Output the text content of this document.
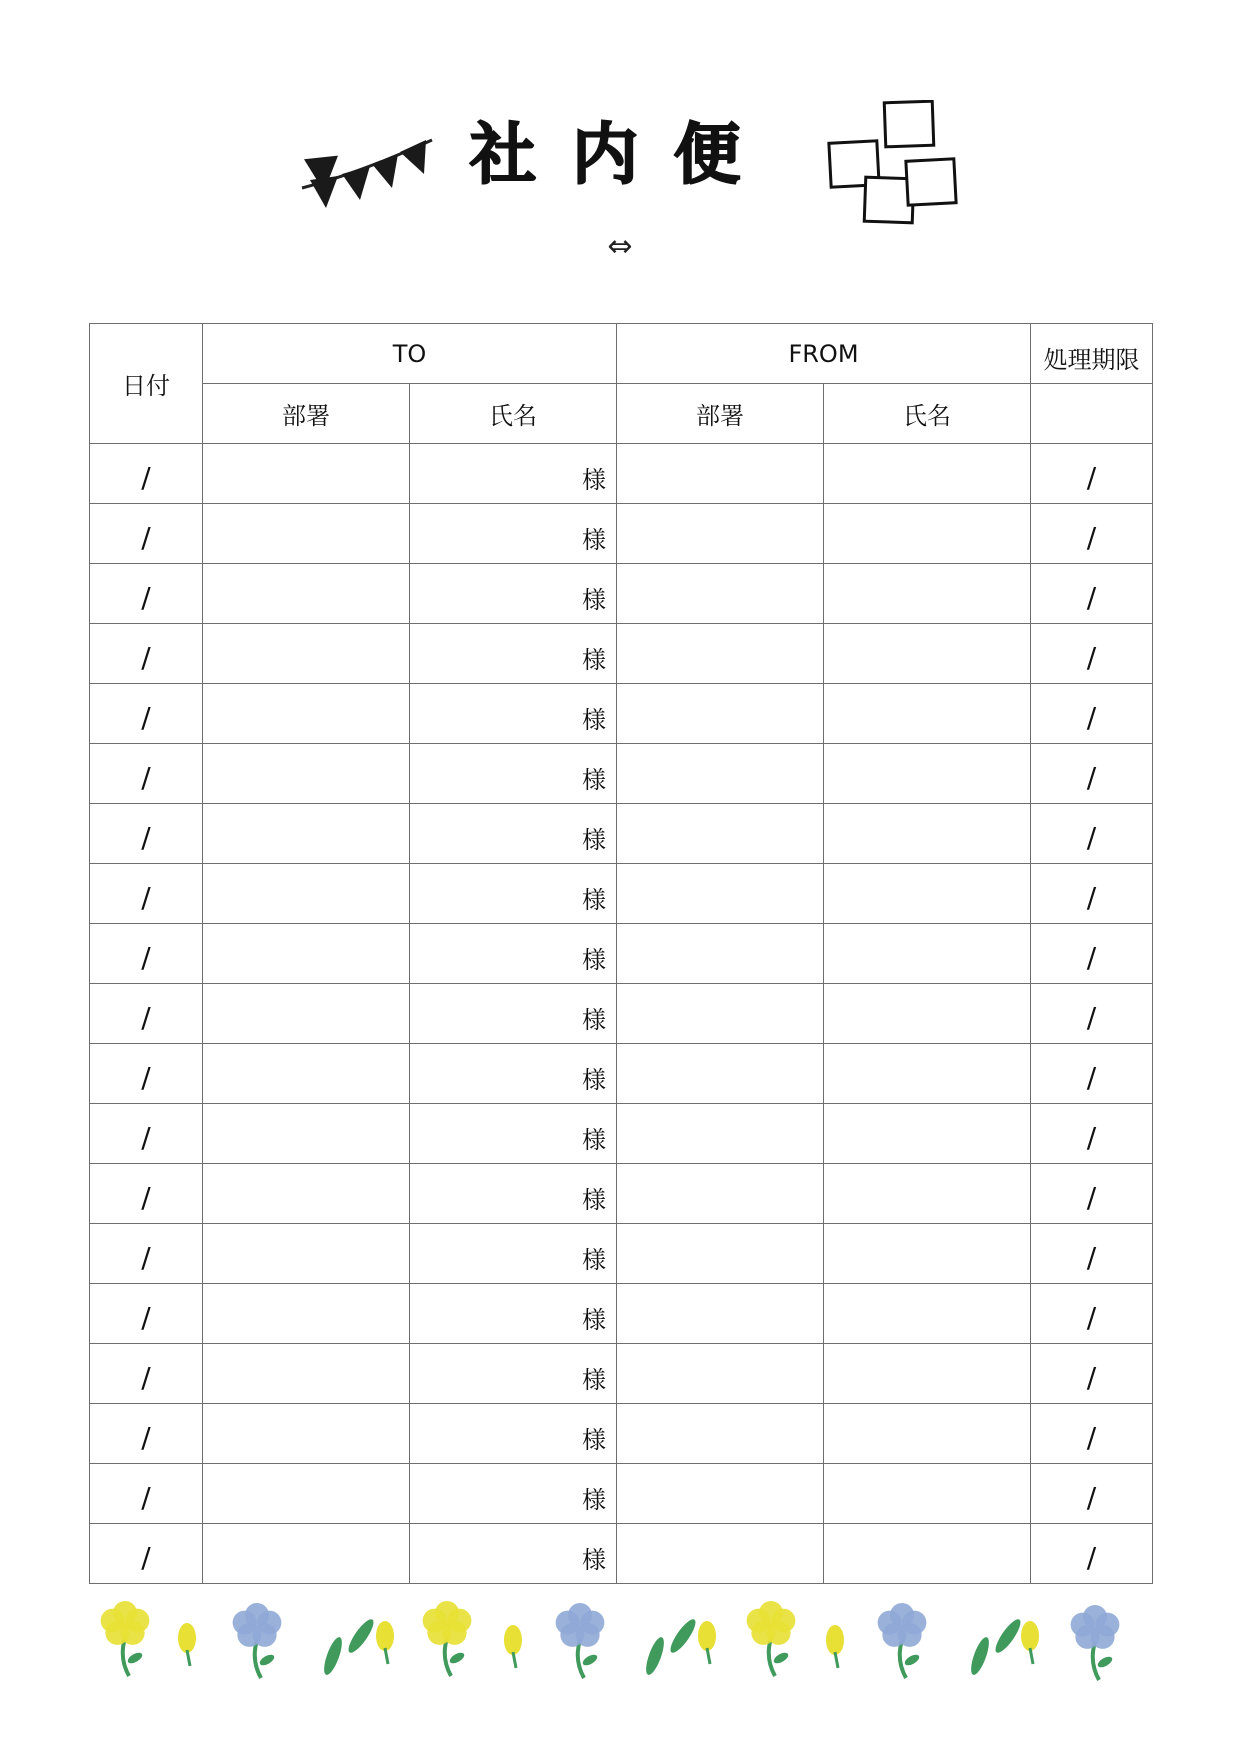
社内便
⇔
日付	TO		FROM		処理期限
	部署	氏名	部署	氏名	
/		様			/
/		様			/
/		様			/
/		様			/
/		様			/
/		様			/
/		様			/
/		様			/
/		様			/
/		様			/
/		様			/
/		様			/
/		様			/
/		様			/
/		様			/
/		様			/
/		様			/
/		様			/
/		様			/
